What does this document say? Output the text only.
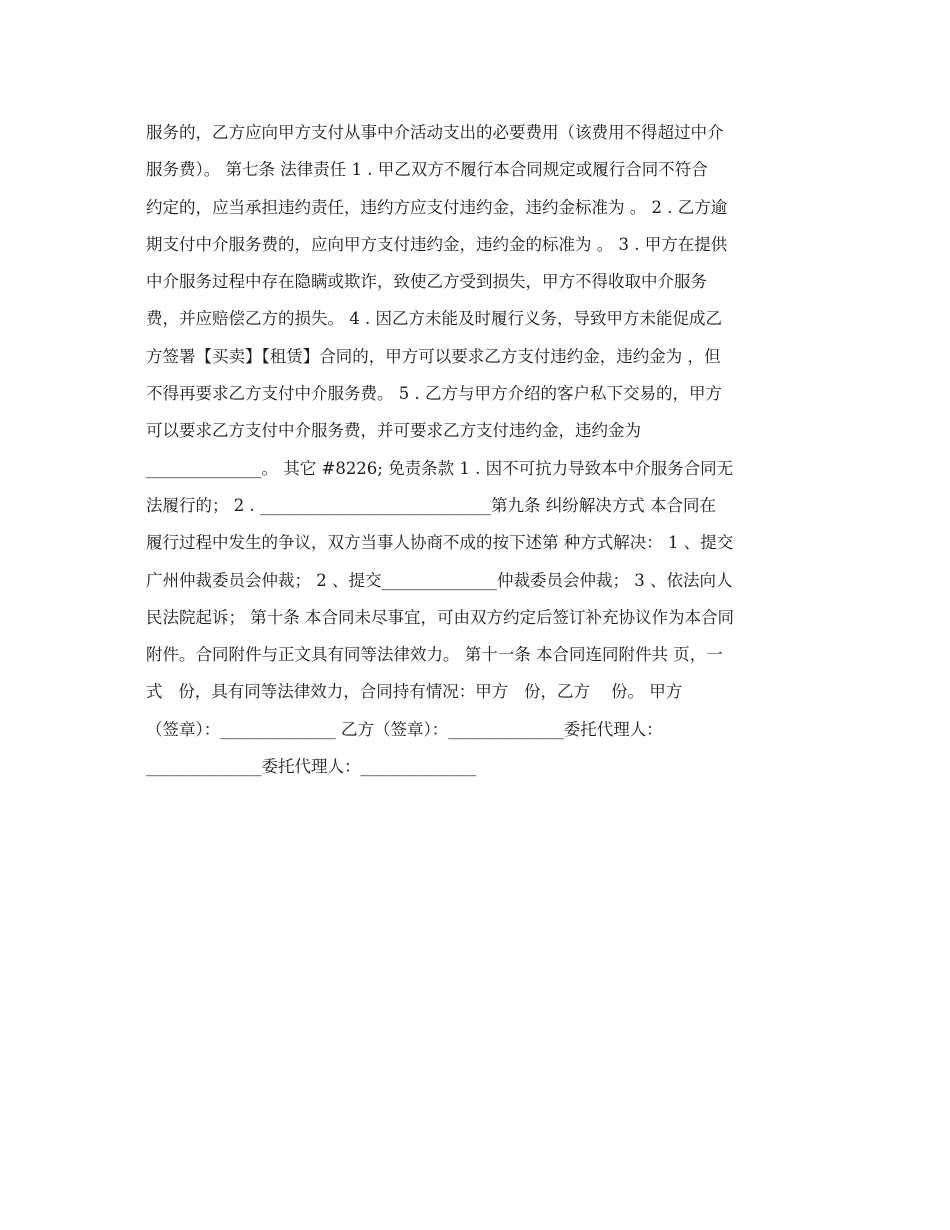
服务的，乙方应向甲方支付从事中介活动支出的必要费用（该费用不得超过中介
服务费）。 第七条 法律责任 1 . 甲乙双方不履行本合同规定或履行合同不符合
约定的，应当承担违约责任，违约方应支付违约金，违约金标准为 。 2 . 乙方逾
期支付中介服务费的，应向甲方支付违约金，违约金的标准为 。 3 . 甲方在提供
中介服务过程中存在隐瞒或欺诈，致使乙方受到损失，甲方不得收取中介服务
费，并应赔偿乙方的损失。 4 . 因乙方未能及时履行义务，导致甲方未能促成乙
方签署【买卖】【租赁】合同的，甲方可以要求乙方支付违约金，违约金为 ，但
不得再要求乙方支付中介服务费。 5 . 乙方与甲方介绍的客户私下交易的，甲方
可以要求乙方支付中介服务费，并可要求乙方支付违约金，违约金为
______________。 其它 #8226; 免责条款 1 . 因不可抗力导致本中介服务合同无
法履行的； 2 . ____________________________第九条 纠纷解决方式 本合同在
履行过程中发生的争议，双方当事人协商不成的按下述第 种方式解决： 1 、提交
广州仲裁委员会仲裁； 2 、提交______________仲裁委员会仲裁； 3 、依法向人
民法院起诉； 第十条 本合同未尽事宜，可由双方约定后签订补充协议作为本合同
附件。合同附件与正文具有同等法律效力。 第十一条 本合同连同附件共 页，一
式   份，具有同等法律效力，合同持有情况：甲方   份，乙方    份。 甲方
（签章）：______________ 乙方（签章）：______________委托代理人：
______________委托代理人：______________
